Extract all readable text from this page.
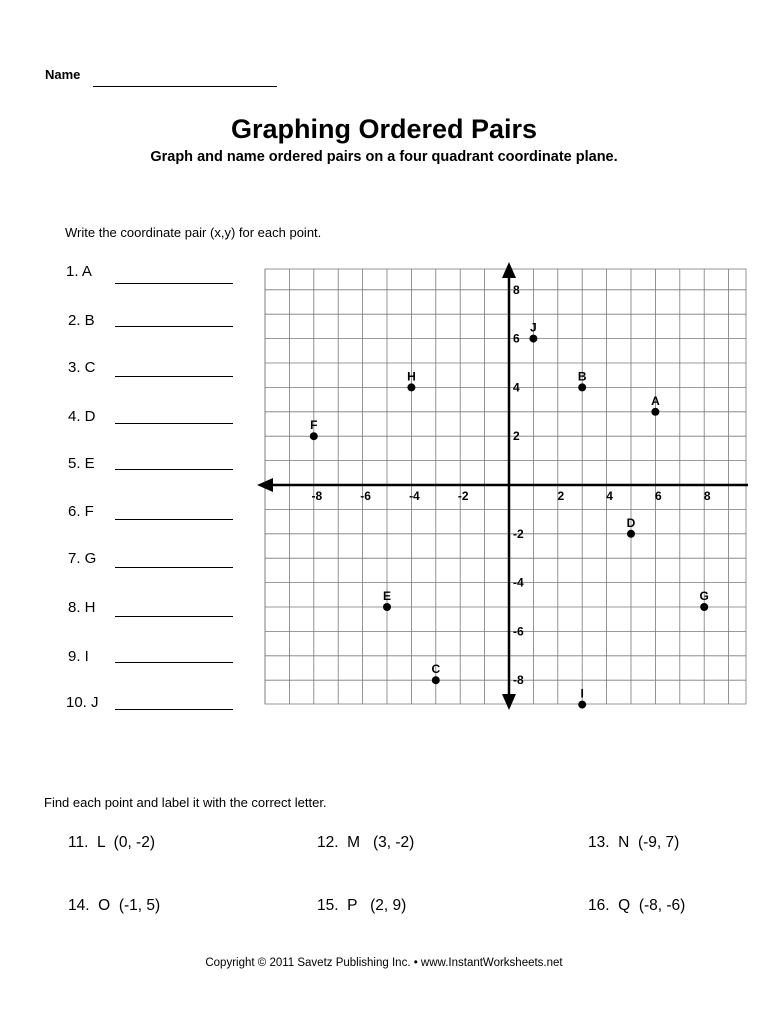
Name
Graphing Ordered Pairs
Graph and name ordered pairs on a four quadrant coordinate plane.
Write the coordinate pair (x,y) for each point.
1. A
2. B
3. C
4. D
5. E
6. F
7. G
8. H
9. I
10. J
-8	-6	-4	-2	2	4	6	8
8
6
4
2
-2
-4
-6
-8
A
B
C
D
E
F
G
H
I
J
Find each point and label it with the correct letter.
11.  L  (0, -2)	12.  M   (3, -2)	13.  N  (-9, 7)
14.  O  (-1, 5)	15.  P   (2, 9)	16.  Q  (-8, -6)
Copyright © 2011 Savetz Publishing Inc. • www.InstantWorksheets.net
